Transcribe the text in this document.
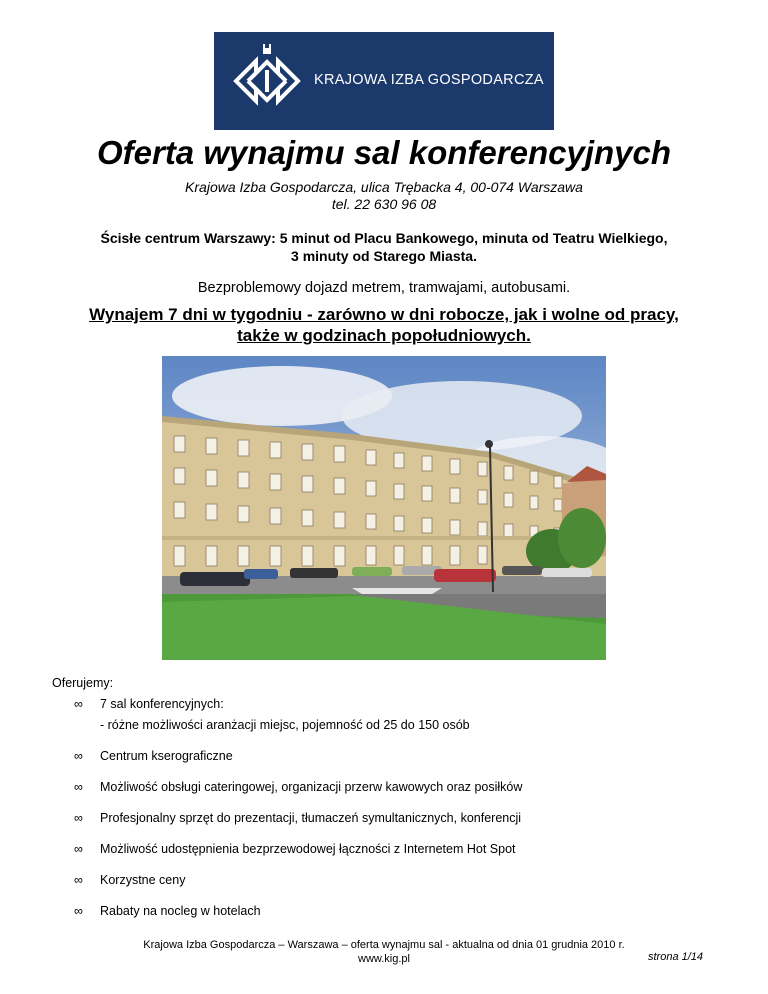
KRAJOWA IZBA GOSPODARCZA
Oferta wynajmu sal konferencyjnych
Krajowa Izba Gospodarcza, ulica Trębacka 4, 00-074 Warszawa
tel. 22 630 96 08
Ścisłe centrum Warszawy: 5 minut od Placu Bankowego, minuta od Teatru Wielkiego,
3 minuty od Starego Miasta.
Bezproblemowy dojazd metrem, tramwajami, autobusami.
Wynajem 7 dni w tygodniu - zarówno w dni robocze, jak i wolne od pracy,
także w godzinach popołudniowych.
Oferujemy:
∞ 7 sal konferencyjnych:
- różne możliwości aranżacji miejsc, pojemność od 25 do 150 osób
∞ Centrum kserograficzne
∞ Możliwość obsługi cateringowej, organizacji przerw kawowych oraz posiłków
∞ Profesjonalny sprzęt do prezentacji, tłumaczeń symultanicznych, konferencji
∞ Możliwość udostępnienia bezprzewodowej łączności z Internetem Hot Spot
∞ Korzystne ceny
∞ Rabaty na nocleg w hotelach
Krajowa Izba Gospodarcza – Warszawa – oferta wynajmu sal - aktualna od dnia 01 grudnia 2010 r.
www.kig.pl	strona 1/14
